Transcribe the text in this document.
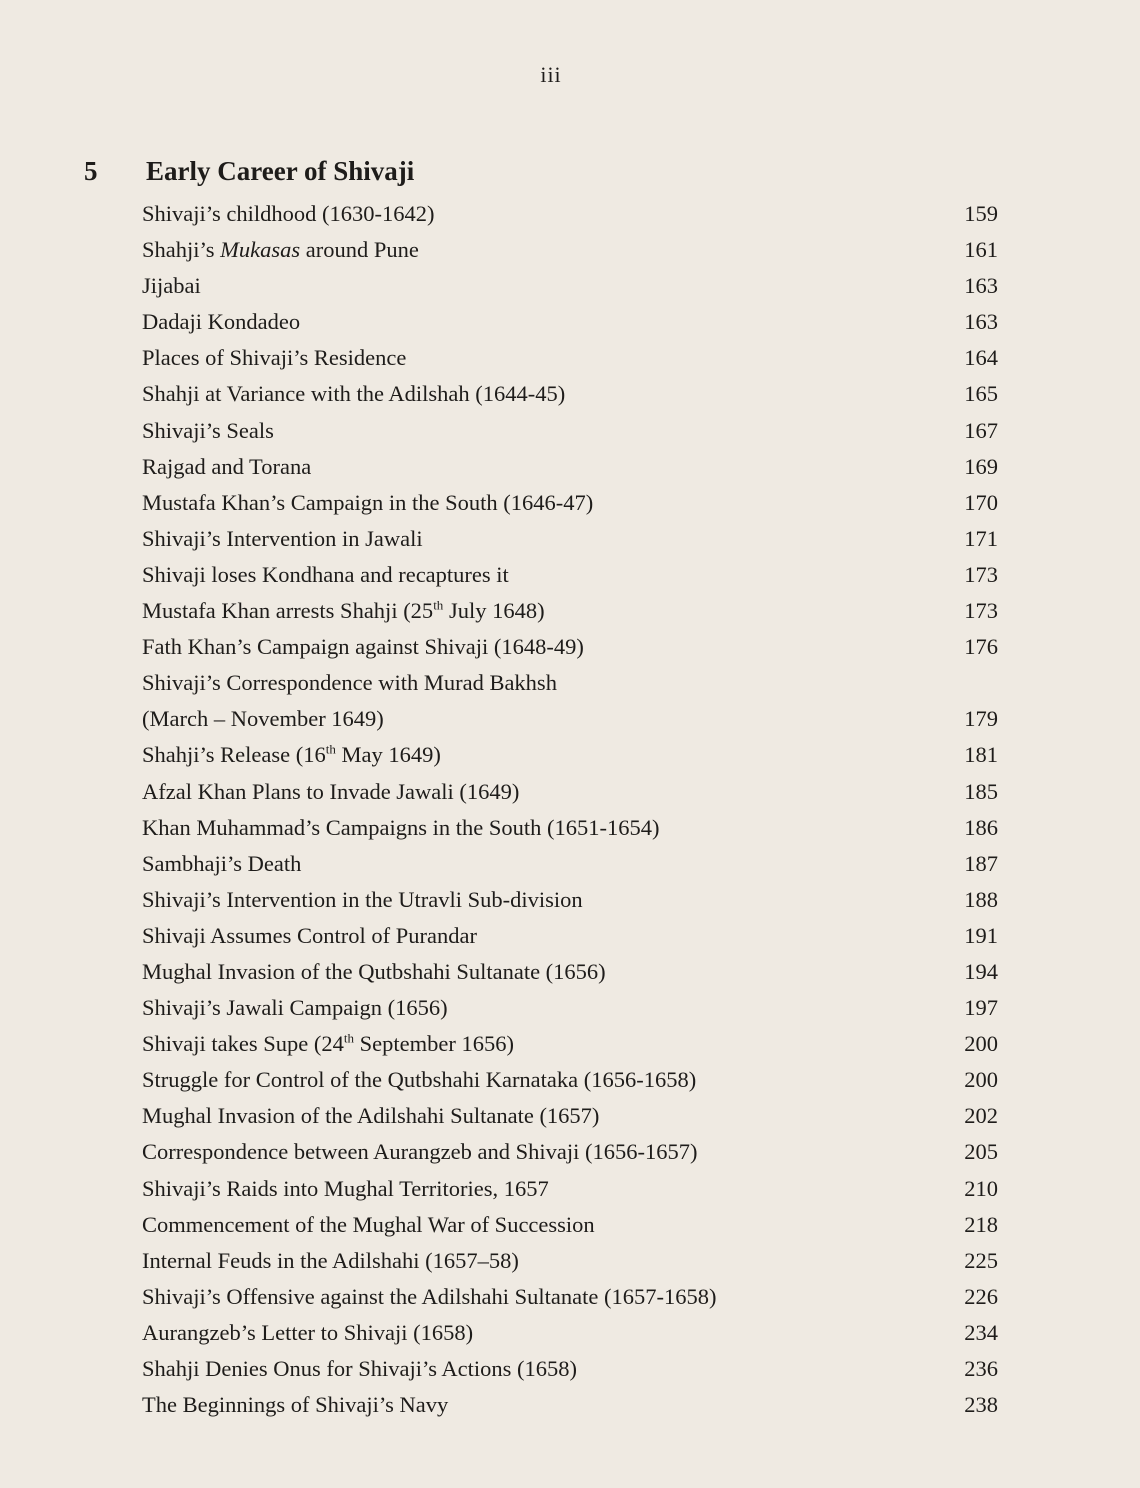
iii
5 Early Career of Shivaji
Shivaji’s childhood (1630-1642)	159
Shahji’s Mukasas around Pune	161
Jijabai	163
Dadaji Kondadeo	163
Places of Shivaji’s Residence	164
Shahji at Variance with the Adilshah (1644-45)	165
Shivaji’s Seals	167
Rajgad and Torana	169
Mustafa Khan’s Campaign in the South (1646-47)	170
Shivaji’s Intervention in Jawali	171
Shivaji loses Kondhana and recaptures it	173
Mustafa Khan arrests Shahji (25th July 1648)	173
Fath Khan’s Campaign against Shivaji (1648-49)	176
Shivaji’s Correspondence with Murad Bakhsh
(March – November 1649)	179
Shahji’s Release (16th May 1649)	181
Afzal Khan Plans to Invade Jawali (1649)	185
Khan Muhammad’s Campaigns in the South (1651-1654)	186
Sambhaji’s Death	187
Shivaji’s Intervention in the Utravli Sub-division	188
Shivaji Assumes Control of Purandar	191
Mughal Invasion of the Qutbshahi Sultanate (1656)	194
Shivaji’s Jawali Campaign (1656)	197
Shivaji takes Supe (24th September 1656)	200
Struggle for Control of the Qutbshahi Karnataka (1656-1658)	200
Mughal Invasion of the Adilshahi Sultanate (1657)	202
Correspondence between Aurangzeb and Shivaji (1656-1657)	205
Shivaji’s Raids into Mughal Territories, 1657	210
Commencement of the Mughal War of Succession	218
Internal Feuds in the Adilshahi (1657–58)	225
Shivaji’s Offensive against the Adilshahi Sultanate (1657-1658)	226
Aurangzeb’s Letter to Shivaji (1658)	234
Shahji Denies Onus for Shivaji’s Actions (1658)	236
The Beginnings of Shivaji’s Navy	238
